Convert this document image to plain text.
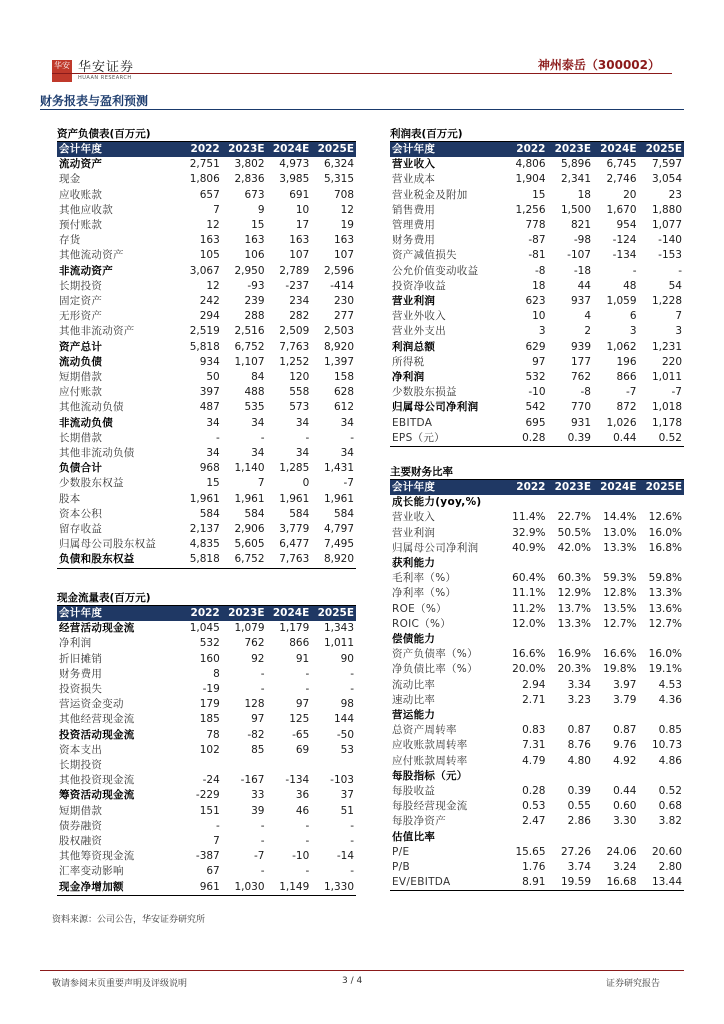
华安 华安证券
HUAAN RESEARCH
神州泰岳（300002）
财务报表与盈利预测
资产负债表(百万元)
会计年度	2022	2023E	2024E	2025E
流动资产	2,751	3,802	4,973	6,324
现金	1,806	2,836	3,985	5,315
应收账款	657	673	691	708
其他应收款	7	9	10	12
预付账款	12	15	17	19
存货	163	163	163	163
其他流动资产	105	106	107	107
非流动资产	3,067	2,950	2,789	2,596
长期投资	12	-93	-237	-414
固定资产	242	239	234	230
无形资产	294	288	282	277
其他非流动资产	2,519	2,516	2,509	2,503
资产总计	5,818	6,752	7,763	8,920
流动负债	934	1,107	1,252	1,397
短期借款	50	84	120	158
应付账款	397	488	558	628
其他流动负债	487	535	573	612
非流动负债	34	34	34	34
长期借款	-	-	-	-
其他非流动负债	34	34	34	34
负债合计	968	1,140	1,285	1,431
少数股东权益	15	7	0	-7
股本	1,961	1,961	1,961	1,961
资本公积	584	584	584	584
留存收益	2,137	2,906	3,779	4,797
归属母公司股东权益	4,835	5,605	6,477	7,495
负债和股东权益	5,818	6,752	7,763	8,920
现金流量表(百万元)
会计年度	2022	2023E	2024E	2025E
经营活动现金流	1,045	1,079	1,179	1,343
净利润	532	762	866	1,011
折旧摊销	160	92	91	90
财务费用	8	-	-	-
投资损失	-19	-	-	-
营运资金变动	179	128	97	98
其他经营现金流	185	97	125	144
投资活动现金流	78	-82	-65	-50
资本支出	102	85	69	53
长期投资				
其他投资现金流	-24	-167	-134	-103
筹资活动现金流	-229	33	36	37
短期借款	151	39	46	51
债券融资	-	-	-	-
股权融资	7	-	-	-
其他筹资现金流	-387	-7	-10	-14
汇率变动影响	67	-	-	-
现金净增加额	961	1,030	1,149	1,330
利润表(百万元)
会计年度	2022	2023E	2024E	2025E
营业收入	4,806	5,896	6,745	7,597
营业成本	1,904	2,341	2,746	3,054
营业税金及附加	15	18	20	23
销售费用	1,256	1,500	1,670	1,880
管理费用	778	821	954	1,077
财务费用	-87	-98	-124	-140
资产减值损失	-81	-107	-134	-153
公允价值变动收益	-8	-18	-	-
投资净收益	18	44	48	54
营业利润	623	937	1,059	1,228
营业外收入	10	4	6	7
营业外支出	3	2	3	3
利润总额	629	939	1,062	1,231
所得税	97	177	196	220
净利润	532	762	866	1,011
少数股东损益	-10	-8	-7	-7
归属母公司净利润	542	770	872	1,018
EBITDA	695	931	1,026	1,178
EPS（元）	0.28	0.39	0.44	0.52
主要财务比率
会计年度	2022	2023E	2024E	2025E
成长能力(yoy,%)				
营业收入	11.4%	22.7%	14.4%	12.6%
营业利润	32.9%	50.5%	13.0%	16.0%
归属母公司净利润	40.9%	42.0%	13.3%	16.8%
获利能力				
毛利率（%）	60.4%	60.3%	59.3%	59.8%
净利率（%）	11.1%	12.9%	12.8%	13.3%
ROE（%）	11.2%	13.7%	13.5%	13.6%
ROIC（%）	12.0%	13.3%	12.7%	12.7%
偿债能力				
资产负债率（%）	16.6%	16.9%	16.6%	16.0%
净负债比率（%）	20.0%	20.3%	19.8%	19.1%
流动比率	2.94	3.34	3.97	4.53
速动比率	2.71	3.23	3.79	4.36
营运能力				
总资产周转率	0.83	0.87	0.87	0.85
应收账款周转率	7.31	8.76	9.76	10.73
应付账款周转率	4.79	4.80	4.92	4.86
每股指标（元）				
每股收益	0.28	0.39	0.44	0.52
每股经营现金流	0.53	0.55	0.60	0.68
每股净资产	2.47	2.86	3.30	3.82
估值比率				
P/E	15.65	27.26	24.06	20.60
P/B	1.76	3.74	3.24	2.80
EV/EBITDA	8.91	19.59	16.68	13.44
资料来源：公司公告，华安证券研究所
敬请参阅末页重要声明及评级说明	3 / 4	证券研究报告
